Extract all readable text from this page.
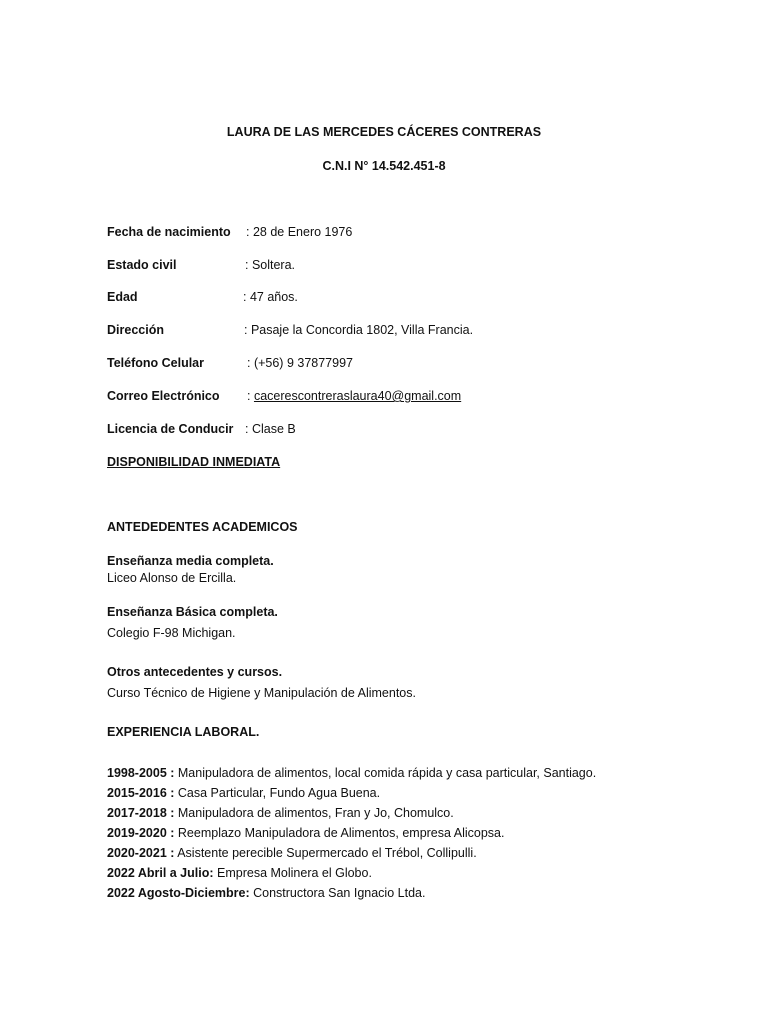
LAURA DE LAS MERCEDES CÁCERES CONTRERAS
C.N.I N° 14.542.451-8
Fecha de nacimiento : 28 de Enero 1976
Estado civil	: Soltera.
Edad	: 47 años.
Dirección	: Pasaje la Concordia 1802, Villa Francia.
Teléfono Celular	: (+56) 9 37877997
Correo Electrónico : cacerescontreraslaura40@gmail.com
Licencia de Conducir : Clase B
DISPONIBILIDAD INMEDIATA
ANTEDEDENTES ACADEMICOS
Enseñanza media completa.
Liceo Alonso de Ercilla.
Enseñanza Básica completa.
Colegio F-98 Michigan.
Otros antecedentes y cursos.
Curso Técnico de Higiene y Manipulación de Alimentos.
EXPERIENCIA LABORAL.
1998-2005 : Manipuladora de alimentos, local comida rápida y casa particular, Santiago.
2015-2016 : Casa Particular, Fundo Agua Buena.
2017-2018 : Manipuladora de alimentos, Fran y Jo, Chomulco.
2019-2020 : Reemplazo Manipuladora de Alimentos, empresa Alicopsa.
2020-2021 : Asistente perecible Supermercado el Trébol, Collipulli.
2022 Abril a Julio: Empresa Molinera el Globo.
2022 Agosto-Diciembre: Constructora San Ignacio Ltda.
